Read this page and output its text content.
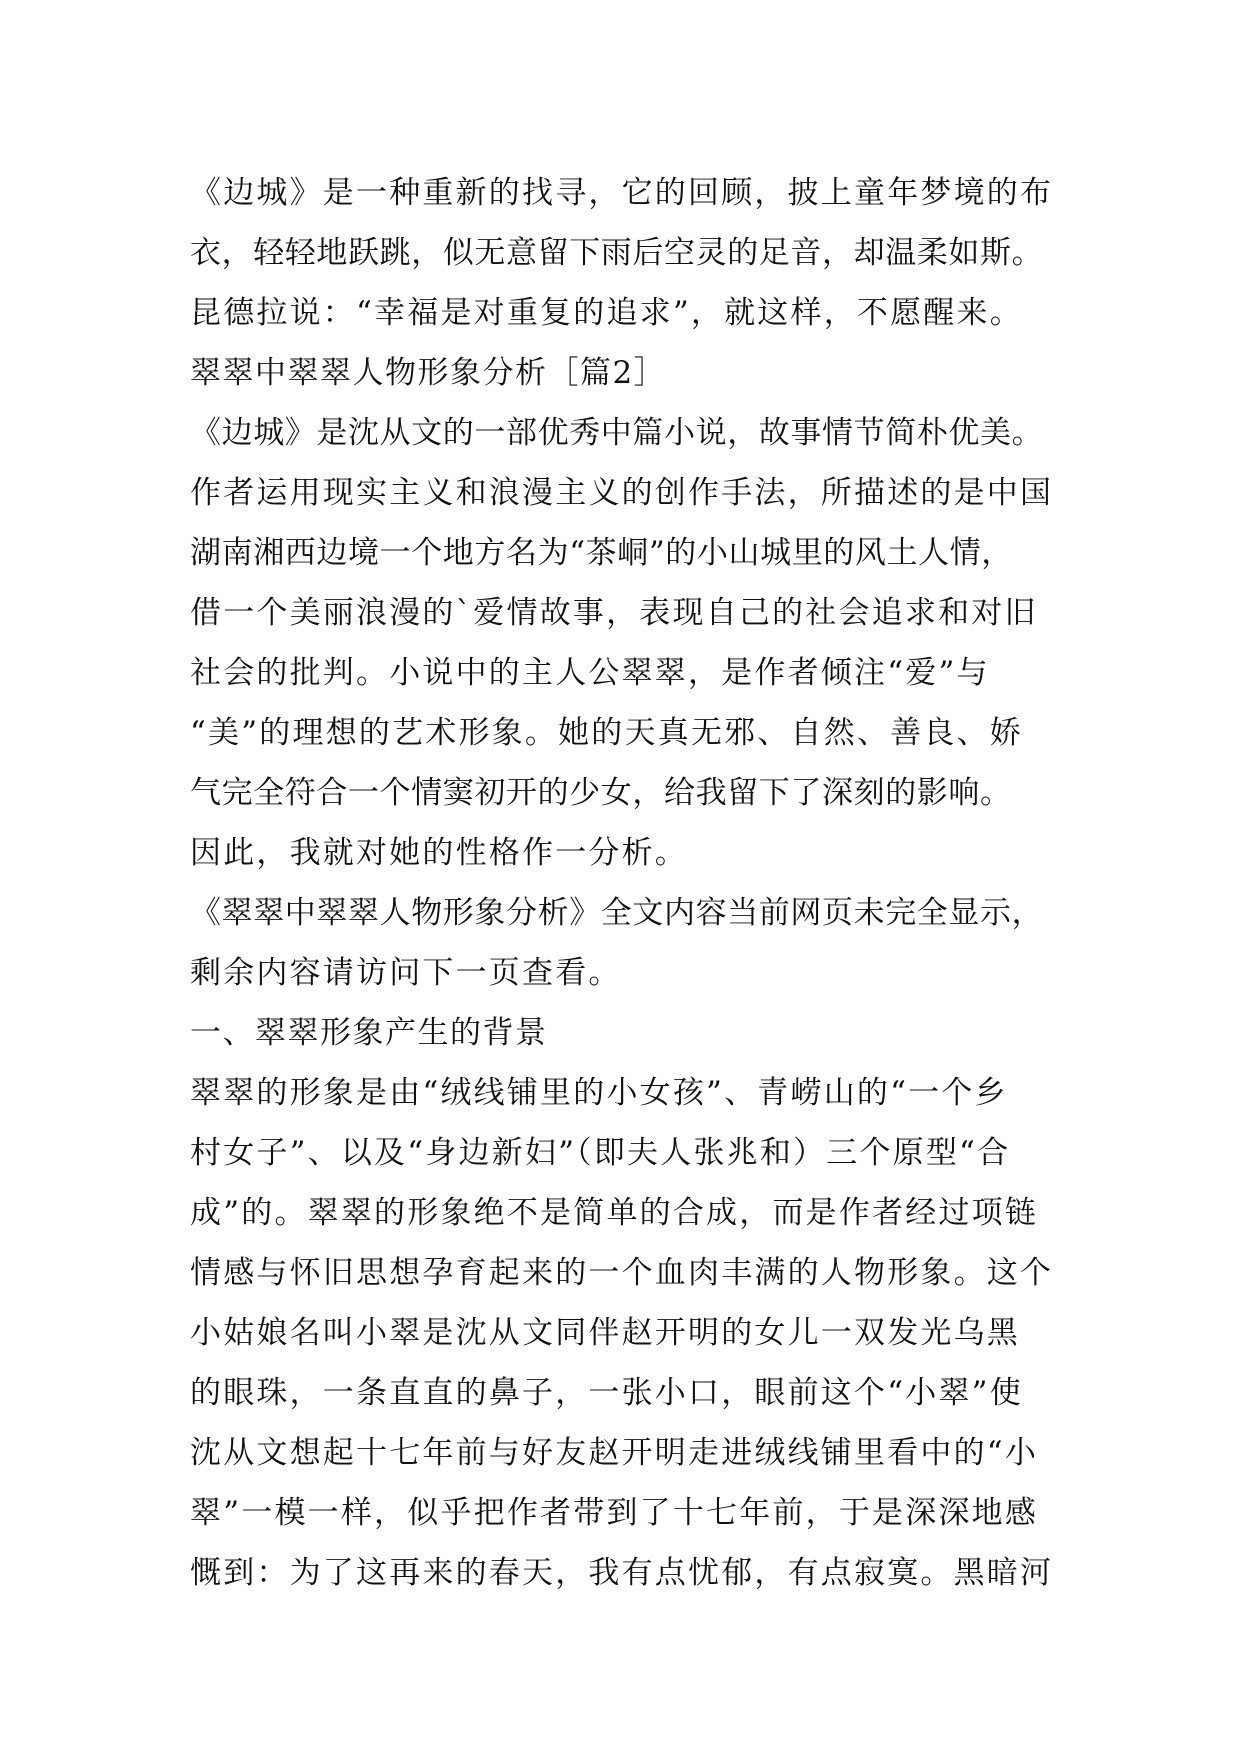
《边城》是一种重新的找寻，它的回顾，披上童年梦境的布
衣，轻轻地跃跳，似无意留下雨后空灵的足音，却温柔如斯。
昆德拉说：“幸福是对重复的追求”，就这样，不愿醒来。
翠翠中翠翠人物形象分析［篇2］
《边城》是沈从文的一部优秀中篇小说，故事情节简朴优美。
作者运用现实主义和浪漫主义的创作手法，所描述的是中国
湖南湘西边境一个地方名为“茶峒”的小山城里的风土人情，
借一个美丽浪漫的`爱情故事，表现自己的社会追求和对旧
社会的批判。小说中的主人公翠翠，是作者倾注“爱”与
“美”的理想的艺术形象。她的天真无邪、自然、善良、娇
气完全符合一个情窦初开的少女，给我留下了深刻的影响。
因此，我就对她的性格作一分析。
《翠翠中翠翠人物形象分析》全文内容当前网页未完全显示，
剩余内容请访问下一页查看。
一、翠翠形象产生的背景
翠翠的形象是由“绒线铺里的小女孩”、青崂山的“一个乡
村女子”、以及“身边新妇”（即夫人张兆和）三个原型“合
成”的。翠翠的形象绝不是简单的合成，而是作者经过项链
情感与怀旧思想孕育起来的一个血肉丰满的人物形象。这个
小姑娘名叫小翠是沈从文同伴赵开明的女儿一双发光乌黑
的眼珠，一条直直的鼻子，一张小口，眼前这个“小翠”使
沈从文想起十七年前与好友赵开明走进绒线铺里看中的“小
翠”一模一样，似乎把作者带到了十七年前，于是深深地感
慨到：为了这再来的春天，我有点忧郁，有点寂寞。黑暗河
